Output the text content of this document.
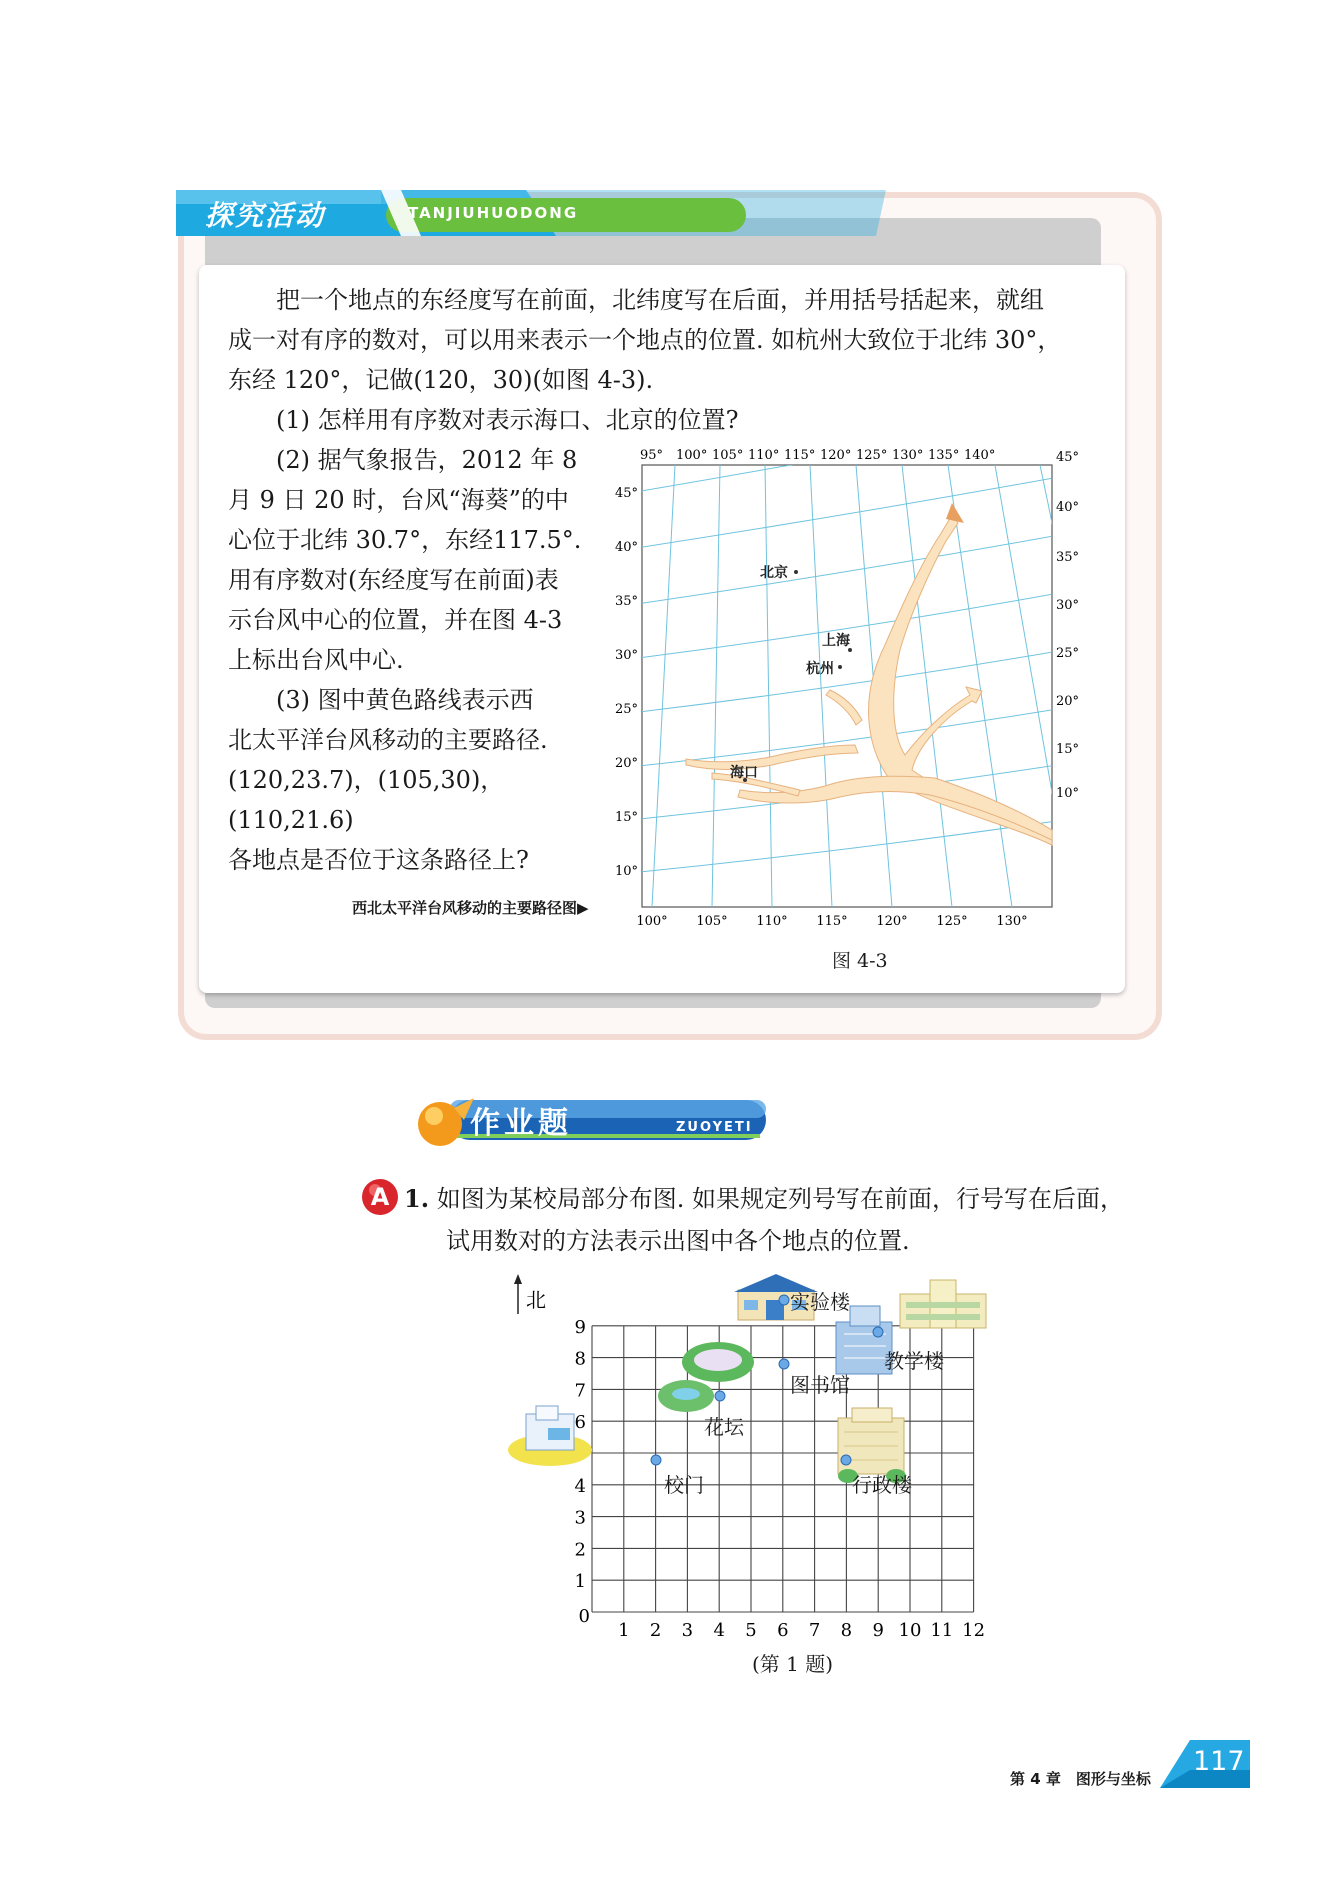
探究活动	TANJIUHUODONG
把一个地点的东经度写在前面，北纬度写在后面，并用括号括起来，就组
成一对有序的数对，可以用来表示一个地点的位置. 如杭州大致位于北纬 30°，
东经 120°，记做(120，30)(如图 4-3).
(1) 怎样用有序数对表示海口、北京的位置?
(2) 据气象报告，2012 年 8
月 9 日 20 时，台风“海葵”的中
心位于北纬 30.7°，东经117.5°.
用有序数对(东经度写在前面)表
示台风中心的位置，并在图 4-3
上标出台风中心.
(3) 图中黄色路线表示西
北太平洋台风移动的主要路径.
(120,23.7)，(105,30)，(110,21.6)
各地点是否位于这条路径上?
北京
上海
杭州
海口
95° 100° 105° 110° 115° 120° 125° 130° 135° 140°
100° 105° 110° 115° 120° 125° 130°
45°
40°
35°
30°
25°
20°
15°
10°
45°
40°
35°
30°
25°
20°
15°
10°
西北太平洋台风移动的主要路径图▶
图 4-3
作业题	ZUOYETI
A 1. 如图为某校局部分布图. 如果规定列号写在前面，行号写在后面，
试用数对的方法表示出图中各个地点的位置.
北
1 2 3 4 5 6 7 8 9 10 11 12
1
2
3
4
6
7
8
9
0
实验楼
教学楼
图书馆
花坛
校门	行政楼
(第 1 题)
第 4 章　图形与坐标
117
